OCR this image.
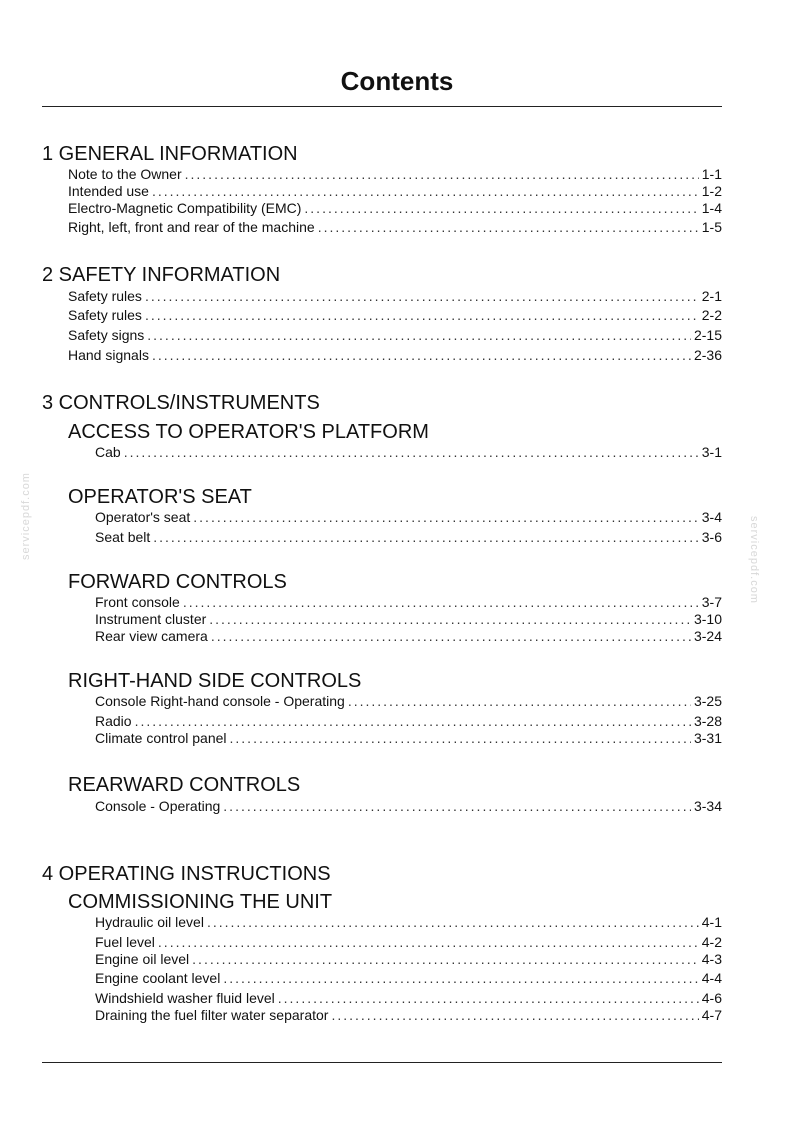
Contents
1 GENERAL INFORMATION
Note to the Owner .....	1-1
Intended use .....	1-2
Electro-Magnetic Compatibility (EMC) .....	1-4
Right, left, front and rear of the machine .....	1-5
2 SAFETY INFORMATION
Safety rules .....	2-1
Safety rules .....	2-2
Safety signs .....	2-15
Hand signals .....	2-36
3 CONTROLS/INSTRUMENTS
ACCESS TO OPERATOR'S PLATFORM
Cab .....	3-1
OPERATOR'S SEAT
Operator's seat .....	3-4
Seat belt .....	3-6
FORWARD CONTROLS
Front console .....	3-7
Instrument cluster .....	3-10
Rear view camera .....	3-24
RIGHT-HAND SIDE CONTROLS
Console Right-hand console - Operating .....	3-25
Radio .....	3-28
Climate control panel .....	3-31
REARWARD CONTROLS
Console - Operating .....	3-34
4 OPERATING INSTRUCTIONS
COMMISSIONING THE UNIT
Hydraulic oil level .....	4-1
Fuel level .....	4-2
Engine oil level .....	4-3
Engine coolant level .....	4-4
Windshield washer fluid level .....	4-6
Draining the fuel filter water separator .....	4-7
servicepdf.com	servicepdf.com
